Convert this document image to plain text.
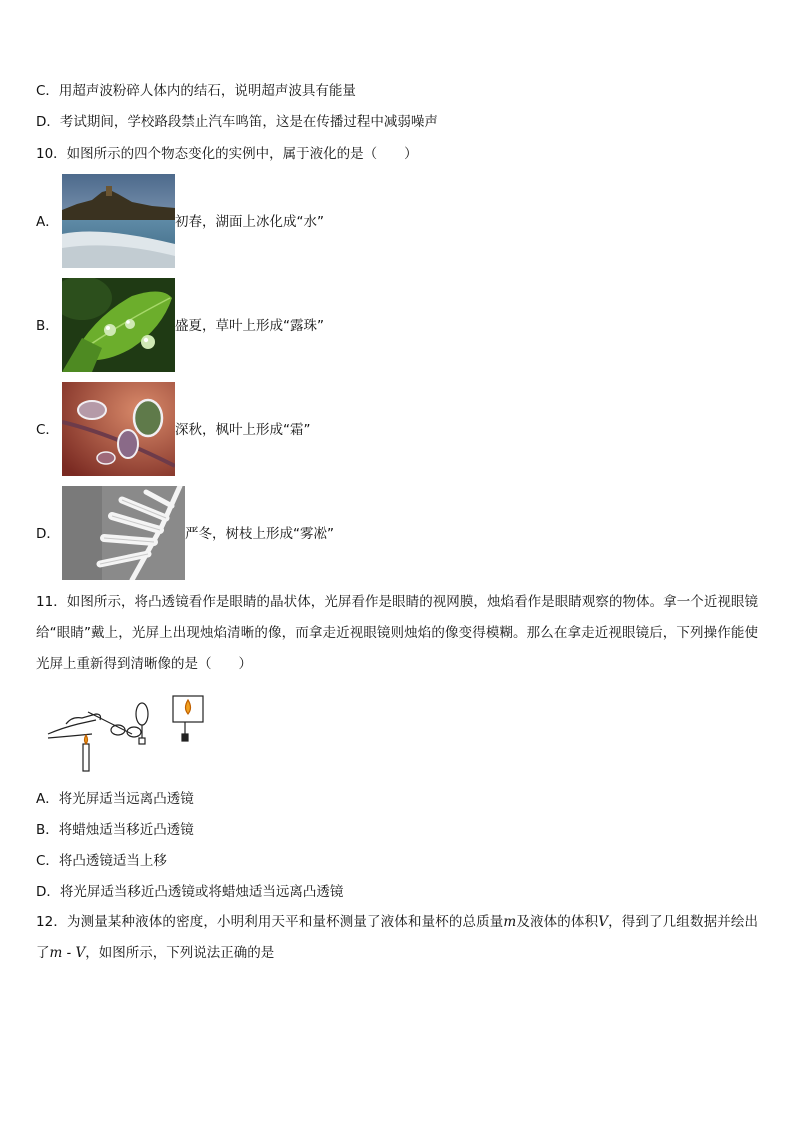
C．用超声波粉碎人体内的结石，说明超声波具有能量
D．考试期间，学校路段禁止汽车鸣笛，这是在传播过程中减弱噪声
10．如图所示的四个物态变化的实例中，属于液化的是（　　）
A．	初春，湖面上冰化成“水”
B．	盛夏，草叶上形成“露珠”
C．	深秋，枫叶上形成“霜”
D．	严冬，树枝上形成“雾凇”
11．如图所示，将凸透镜看作是眼睛的晶状体，光屏看作是眼睛的视网膜，烛焰看作是眼睛观察的物体。拿一个近视眼镜给“眼睛”戴上，光屏上出现烛焰清晰的像，而拿走近视眼镜则烛焰的像变得模糊。那么在拿走近视眼镜后，下列操作能使光屏上重新得到清晰像的是（　　）
A．将光屏适当远离凸透镜
B．将蜡烛适当移近凸透镜
C．将凸透镜适当上移
D．将光屏适当移近凸透镜或将蜡烛适当远离凸透镜
12．为测量某种液体的密度，小明利用天平和量杯测量了液体和量杯的总质量m及液体的体积V，得到了几组数据并绘出了m - V，如图所示，下列说法正确的是
